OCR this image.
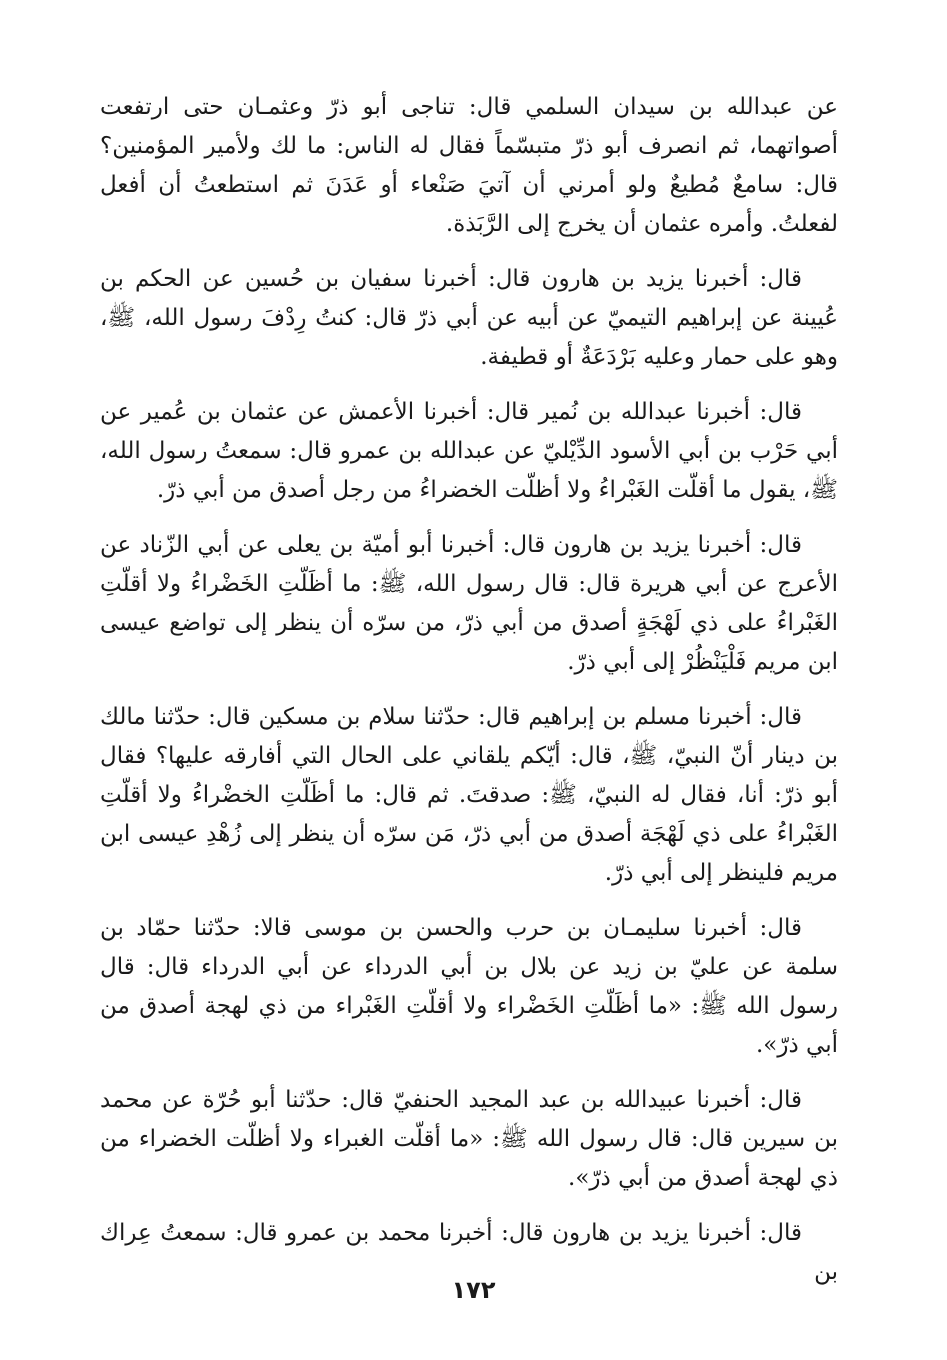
عن عبدالله بن سيدان السلمي قال: تناجى أبو ذرّ وعثمـان حتى ارتفعت أصواتهما، ثم انصرف أبو ذرّ متبسّماً فقال له الناس: ما لك ولأمير المؤمنين؟ قال: سامعٌ مُطيعٌ ولو أمرني أن آتيَ صَنْعاء أو عَدَنَ ثم استطعتُ أن أفعل لفعلتُ. وأمره عثمان أن يخرج إلى الرَّبَذة.

قال: أخبرنا يزيد بن هارون قال: أخبرنا سفيان بن حُسين عن الحكم بن عُيينة عن إبراهيم التيميّ عن أبيه عن أبي ذرّ قال: كنتُ رِدْفَ رسول الله، ﷺ، وهو على حمار وعليه بَرْدَعَةٌ أو قطيفة.

قال: أخبرنا عبدالله بن نُمير قال: أخبرنا الأعمش عن عثمان بن عُمير عن أبي حَرْب بن أبي الأسود الدِّيْليّ عن عبدالله بن عمرو قال: سمعتُ رسول الله، ﷺ، يقول ما أقلّت الغَبْراءُ ولا أظلّت الخضراءُ من رجل أصدق من أبي ذرّ.

قال: أخبرنا يزيد بن هارون قال: أخبرنا أبو أميّة بن يعلى عن أبي الزّناد عن الأعرج عن أبي هريرة قال: قال رسول الله، ﷺ: ما أظَلّتِ الخَضْراءُ ولا أقلّتِ الغَبْراءُ على ذي لَهْجَةٍ أصدق من أبي ذرّ، من سرّه أن ينظر إلى تواضع عيسى ابن مريم فَلْيَنْظُرْ إلى أبي ذرّ.

قال: أخبرنا مسلم بن إبراهيم قال: حدّثنا سلام بن مسكين قال: حدّثنا مالك بن دينار أنّ النبيّ، ﷺ، قال: أيّكم يلقاني على الحال التي أفارقه عليها؟ فقال أبو ذرّ: أنا، فقال له النبيّ، ﷺ: صدقتَ. ثم قال: ما أظَلّتِ الخضْراءُ ولا أقلّتِ الغَبْراءُ على ذي لَهْجَة أصدق من أبي ذرّ، مَن سرّه أن ينظر إلى زُهْدِ عيسى ابن مريم فلينظر إلى أبي ذرّ.

قال: أخبرنا سليمـان بن حرب والحسن بن موسى قالا: حدّثنا حمّاد بن سلمة عن عليّ بن زيد عن بلال بن أبي الدرداء عن أبي الدرداء قال: قال رسول الله ﷺ: «ما أظَلّتِ الخَضْراء ولا أقلّتِ الغَبْراء من ذي لهجة أصدق من أبي ذرّ».

قال: أخبرنا عبيدالله بن عبد المجيد الحنفيّ قال: حدّثنا أبو حُرّة عن محمد بن سيرين قال: قال رسول الله ﷺ: «ما أقلّت الغبراء ولا أظلّت الخضراء من ذي لهجة أصدق من أبي ذرّ».

قال: أخبرنا يزيد بن هارون قال: أخبرنا محمد بن عمرو قال: سمعتُ عِراك بن

١٧٢
